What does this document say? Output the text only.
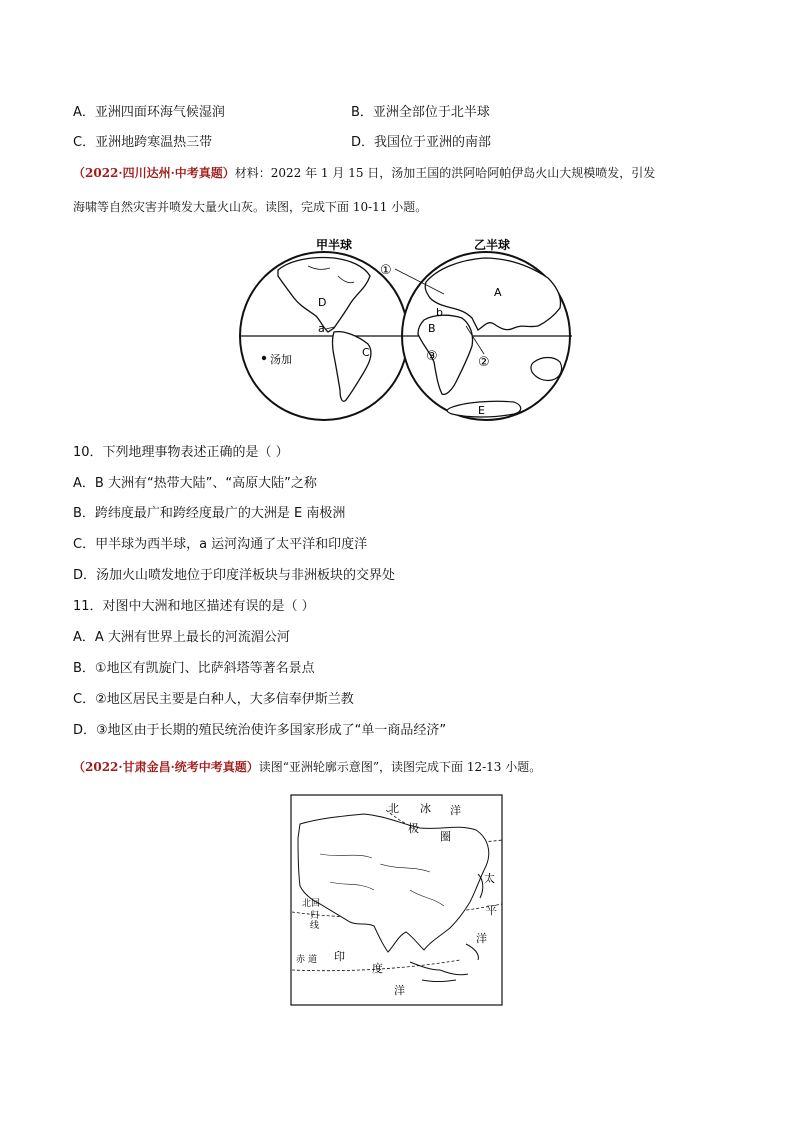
A．亚洲四面环海气候湿润	B．亚洲全部位于北半球
C．亚洲地跨寒温热三带	D．我国位于亚洲的南部
（2022·四川达州·中考真题）材料：2022 年 1 月 15 日，汤加王国的洪阿哈阿帕伊岛火山大规模喷发，引发
海啸等自然灾害并喷发大量火山灰。读图，完成下面 10-11 小题。
甲半球	乙半球
D
a
C
汤加
A
b
B
E
①
②
③
10．下列地理事物表述正确的是（ ）
A．B 大洲有“热带大陆”、“高原大陆”之称
B．跨纬度最广和跨经度最广的大洲是 E 南极洲
C．甲半球为西半球，a 运河沟通了太平洋和印度洋
D．汤加火山喷发地位于印度洋板块与非洲板块的交界处
11．对图中大洲和地区描述有误的是（ ）
A．A 大洲有世界上最长的河流湄公河
B．①地区有凯旋门、比萨斜塔等著名景点
C．②地区居民主要是白种人，大多信奉伊斯兰教
D．③地区由于长期的殖民统治使许多国家形成了“单一商品经济”
（2022·甘肃金昌·统考中考真题）读图“亚洲轮廓示意图”，读图完成下面 12-13 小题。
北 冰 洋
极
圈
太
平
洋
北回
归
线
印
度
洋
赤 道
